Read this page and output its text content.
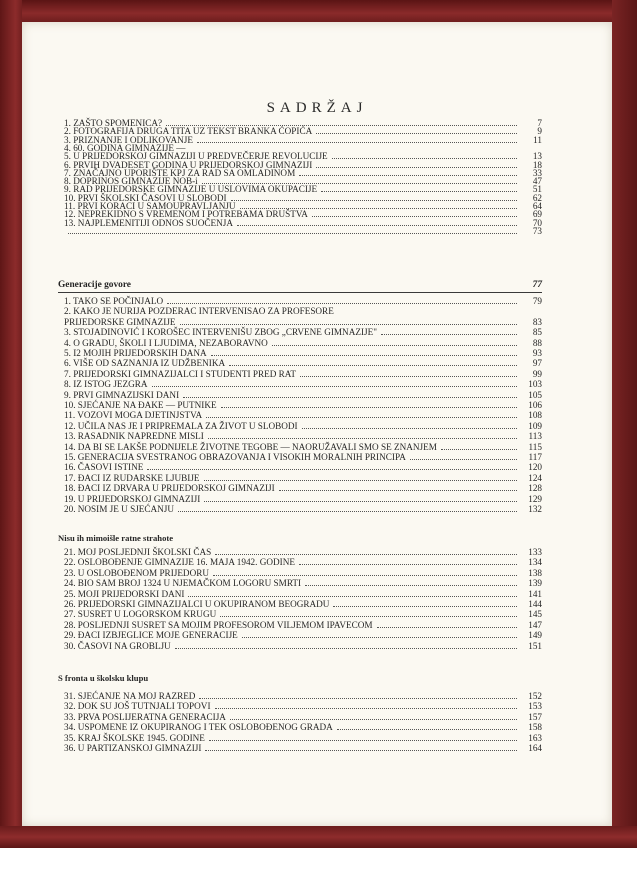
SADRŽAJ
1. ZAŠTO SPOMENICA?	7
2. FOTOGRAFIJA DRUGA TITA UZ TEKST BRANKA ĆOPIĆA	9
3. PRIZNANJE I ODLIKOVANJE	11
4. 60. GODINA GIMNAZIJE —
5. U PRIJEDORSKOJ GIMNAZIJI U PREDVEČERJE REVOLUCIJE	13
6. PRVIH DVADESET GODINA U PRIJEDORSKOJ GIMNAZIJI	18
7. ZNAČAJNO UPORIŠTE KPJ ZA RAD SA OMLADINOM	33
8. DOPRINOS GIMNAZIJE NOB-i	47
9. RAD PRIJEDORSKE GIMNAZIJE U USLOVIMA OKUPACIJE	51
10. PRVI ŠKOLSKI ČASOVI U SLOBODI	62
11. PRVI KORACI U SAMOUPRAVLJANJU	64
12. NEPREKIDNO S VREMENOM I POTREBAMA DRUŠTVA	69
13. NAJPLEMENITIJI ODNOS SUOČENJA	70
73
Generacije govore	77
1. TAKO SE POČINJALO	79
2. KAKO JE NURIJA POZDERAC INTERVENISAO ZA PROFESORE
PRIJEDORSKE GIMNAZIJE	83
3. STOJADINOVIĆ I KOROŠEC INTERVENIŠU ZBOG „CRVENE GIMNAZIJE"	85
4. O GRADU, ŠKOLI I LJUDIMA, NEZABORAVNO	88
5. I2 MOJIH PRIJEDORSKIH DANA	93
6. VIŠE OD SAZNANJA IZ UDŽBENIKA	97
7. PRIJEDORSKI GIMNAZIJALCI I STUDENTI PRED RAT	99
8. IZ ISTOG JEZGRA	103
9. PRVI GIMNAZIJSKI DANI	105
10. SJEĆANJE NA ĐAKE — PUTNIKE	106
11. VOZOVI MOGA DJETINJSTVA	108
12. UČILA NAS JE I PRIPREMALA ZA ŽIVOT U SLOBODI	109
13. RASADNIK NAPREDNE MISLI	113
14. DA BI SE LAKŠE PODNIJELE ŽIVOTNE TEGOBE — NAORUŽAVALI SMO SE ZNANJEM	115
15. GENERACIJA SVESTRANOG OBRAZOVANJA I VISOKIH MORALNIH PRINCIPA	117
16. ČASOVI ISTINE	120
17. ĐACI IZ RUDARSKE LJUBIJE	124
18. ĐACI IZ DRVARA U PRIJEDORSKOJ GIMNAZIJI	128
19. U PRIJEDORSKOJ GIMNAZIJI	129
20. NOSIM JE U SJEĆANJU	132
Nisu ih mimoišle ratne strahote
21. MOJ POSLJEDNJI ŠKOLSKI ČAS	133
22. OSLOBOĐENJE GIMNAZIJE 16. MAJA 1942. GODINE	134
23. U OSLOBOĐENOM PRIJEDORU	138
24. BIO SAM BROJ 1324 U NJEMAČKOM LOGORU SMRTI	139
25. MOJI PRIJEDORSKI DANI	141
26. PRIJEDORSKI GIMNAZIJALCI U OKUPIRANOM BEOGRADU	144
27. SUSRET U LOGORSKOM KRUGU	145
28. POSLJEDNJI SUSRET SA MOJIM PROFESOROM VILJEMOM IPAVECOM	147
29. ĐACI IZBJEGLICE MOJE GENERACIJE	149
30. ČASOVI NA GROBLJU	151
S fronta u školsku klupu
31. SJEĆANJE NA MOJ RAZRED	152
32. DOK SU JOŠ TUTNJALI TOPOVI	153
33. PRVA POSLIJERATNA GENERACIJA	157
34. USPOMENE IZ OKUPIRANOG I TEK OSLOBOĐENOG GRADA	158
35. KRAJ ŠKOLSKE 1945. GODINE	163
36. U PARTIZANSKOJ GIMNAZIJI	164
